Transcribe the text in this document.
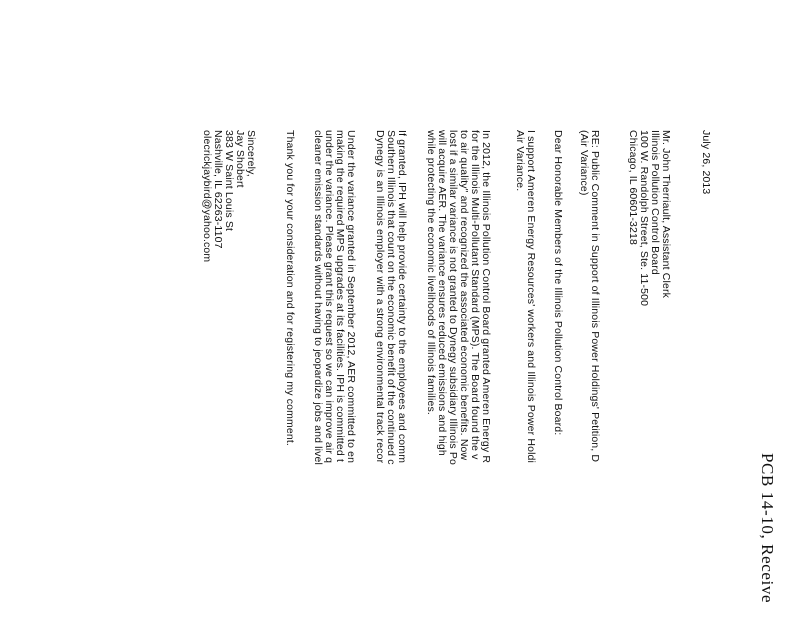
PCB 14-10, Receive
July 26, 2013
Mr. John Therriault, Assistant Clerk
Illinois Pollution Control Board
100 W. Randolph Street, Ste. 11-500
Chicago, IL 60601-3218
RE: Public Comment in Support of Illinois Power Holdings' Petition, D
(Air Variance)
Dear Honorable Members of the Illinois Pollution Control Board:
I support Ameren Energy Resources' workers and Illinois Power Holdi
Air Variance.
In 2012, the Illinois Pollution Control Board granted Ameren Energy R
for the Illinois Multi-Pollutant Standard (MPS). The Board found the v
to air quality" and recognized the associated economic benefits. Now
lost if a similar variance is not granted to Dynegy subsidiary Illinois Po
will acquire AER. The variance ensures reduced emissions and high
while protecting the economic livelihoods of Illinois families.
If granted, IPH will help provide certainty to the employees and comm
Southern Illinois that count on the economic benefit of the continued c
Dynegy is an Illinois employer with a strong environmental track recor
Under the variance granted in September 2012, AER committed to en
making the required MPS upgrades at its facilities. IPH is committed t
under the variance. Please grant this request so we can improve air q
cleaner emission standards without having to jeopardize jobs and livel
Thank you for your consideration and for registering my comment.
Sincerely,
Jay Shobert
383 W Saint Louis St
Nashville, IL 62263-1107
olecrickjaybird@yahoo.com
